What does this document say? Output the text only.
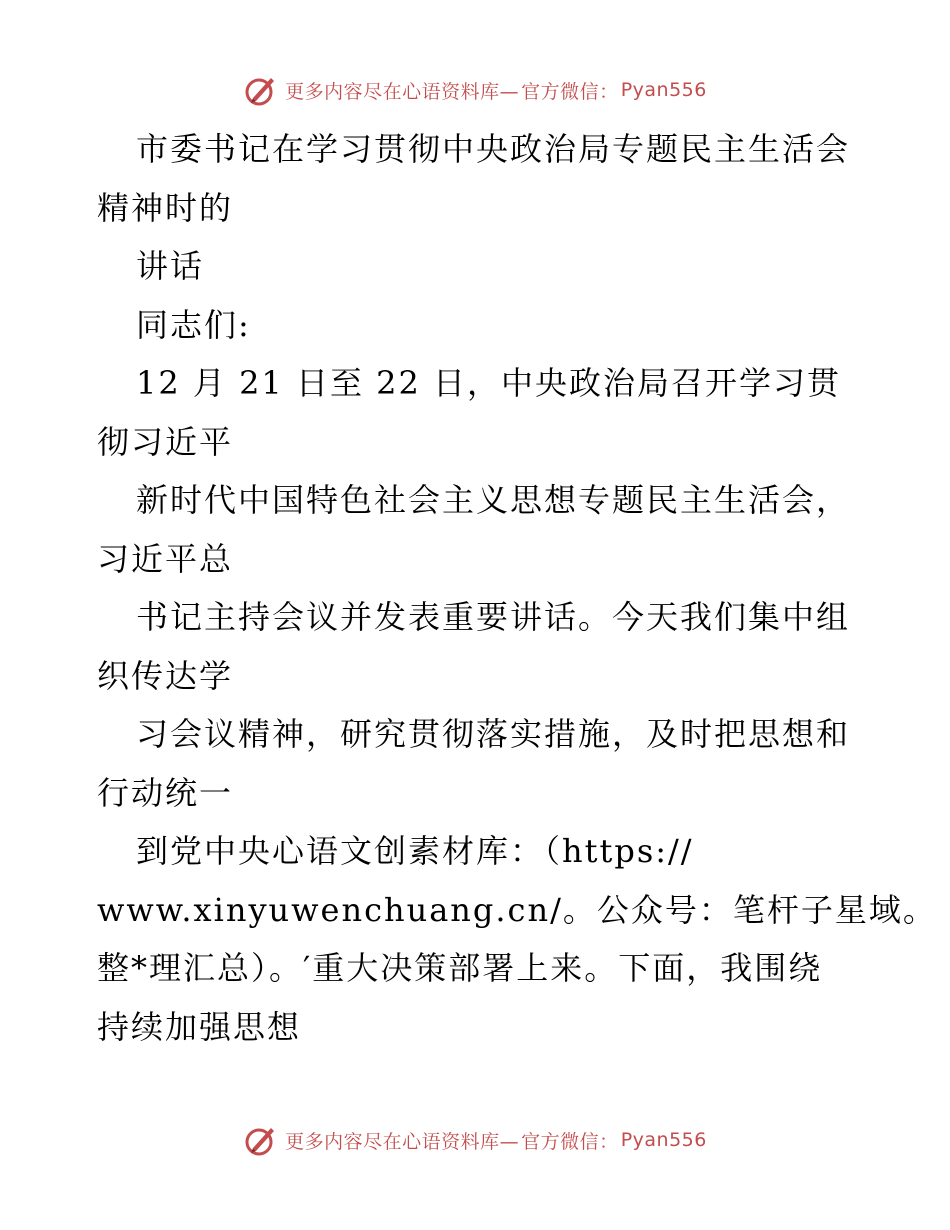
更多内容尽在心语资料库— 官方微信： Pyan556
市委书记在学习贯彻中央政治局专题民主生活会
精神时的
讲话
同志们:
12 月 21 日至 22 日，中央政治局召开学习贯
彻习近平
新时代中国特色社会主义思想专题民主生活会，
习近平总
书记主持会议并发表重要讲话。今天我们集中组
织传达学
习会议精神，研究贯彻落实措施，及时把思想和
行动统一
到党中央心语文创素材库：（https://
www.xinyuwenchuang.cn/。公众号：笔杆子星域。
整*理汇总）。′重大决策部署上来。下面，我围绕
持续加强思想
更多内容尽在心语资料库— 官方微信： Pyan556
